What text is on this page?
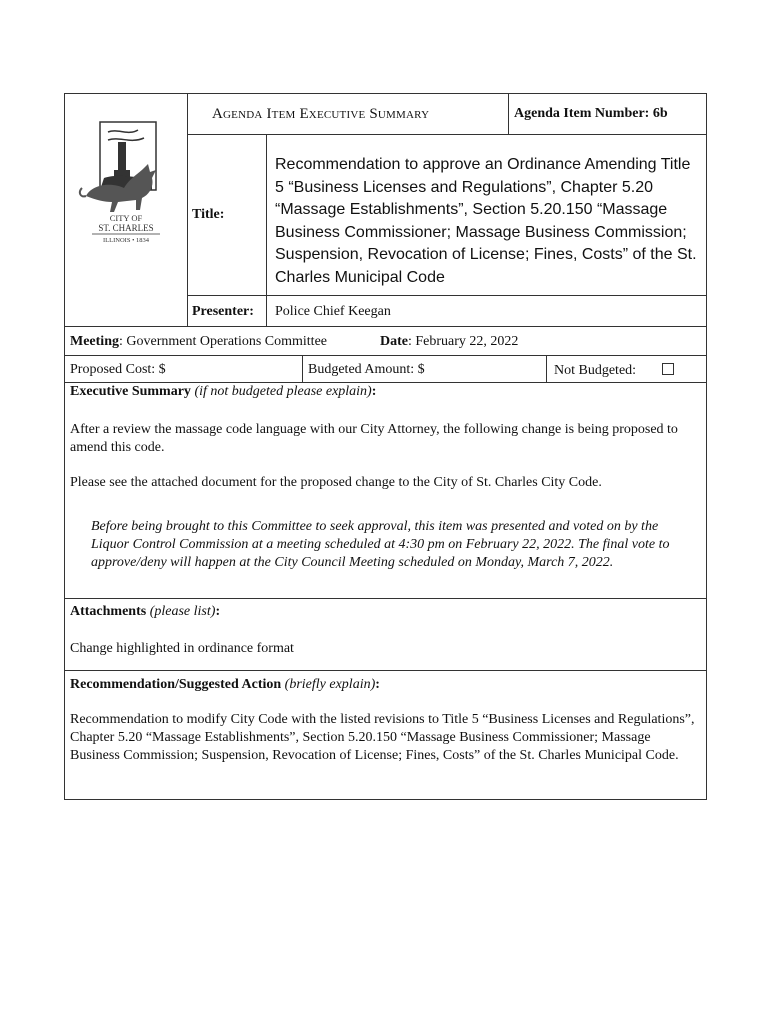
CITY OF
ST. CHARLES
ILLINOIS • 1834
Agenda Item Executive Summary	Agenda Item Number: 6b
Title:
Recommendation to approve an Ordinance Amending Title 5 “Business Licenses and Regulations”, Chapter 5.20 “Massage Establishments”, Section 5.20.150 “Massage Business Commissioner; Massage Business Commission; Suspension, Revocation of License; Fines, Costs” of the St. Charles Municipal Code
Presenter: Police Chief Keegan
Meeting: Government Operations Committee	Date: February 22, 2022
Proposed Cost: $	Budgeted Amount: $	Not Budgeted:
Executive Summary (if not budgeted please explain):
After a review the massage code language with our City Attorney, the following change is being proposed to amend this code.
Please see the attached document for the proposed change to the City of St. Charles City Code.
Before being brought to this Committee to seek approval, this item was presented and voted on by the Liquor Control Commission at a meeting scheduled at 4:30 pm on February 22, 2022. The final vote to approve/deny will happen at the City Council Meeting scheduled on Monday, March 7, 2022.
Attachments (please list):
Change highlighted in ordinance format
Recommendation/Suggested Action (briefly explain):
Recommendation to modify City Code with the listed revisions to Title 5 “Business Licenses and Regulations”, Chapter 5.20 “Massage Establishments”, Section 5.20.150 “Massage Business Commissioner; Massage Business Commission; Suspension, Revocation of License; Fines, Costs” of the St. Charles Municipal Code.
